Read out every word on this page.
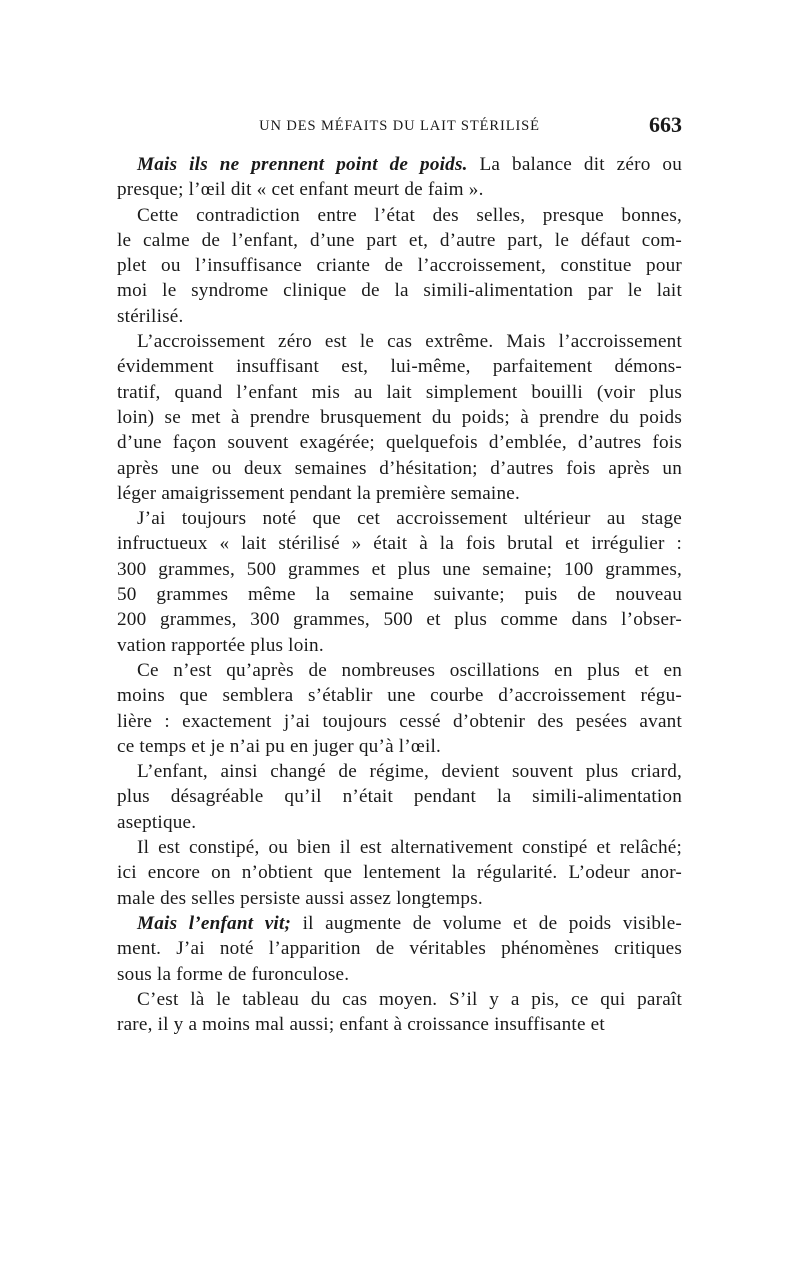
UN DES MÉFAITS DU LAIT STÉRILISÉ	663
Mais ils ne prennent point de poids. La balance dit zéro ou
presque; l’œil dit « cet enfant meurt de faim ».
Cette contradiction entre l’état des selles, presque bonnes,
le calme de l’enfant, d’une part et, d’autre part, le défaut com-
plet ou l’insuffisance criante de l’accroissement, constitue pour
moi le syndrome clinique de la simili-alimentation par le lait
stérilisé.
L’accroissement zéro est le cas extrême. Mais l’accroissement
évidemment insuffisant est, lui-même, parfaitement démons-
tratif, quand l’enfant mis au lait simplement bouilli (voir plus
loin) se met à prendre brusquement du poids; à prendre du poids
d’une façon souvent exagérée; quelquefois d’emblée, d’autres fois
après une ou deux semaines d’hésitation; d’autres fois après un
léger amaigrissement pendant la première semaine.
J’ai toujours noté que cet accroissement ultérieur au stage
infructueux « lait stérilisé » était à la fois brutal et irrégulier :
300 grammes, 500 grammes et plus une semaine; 100 grammes,
50 grammes même la semaine suivante; puis de nouveau
200 grammes, 300 grammes, 500 et plus comme dans l’obser-
vation rapportée plus loin.
Ce n’est qu’après de nombreuses oscillations en plus et en
moins que semblera s’établir une courbe d’accroissement régu-
lière : exactement j’ai toujours cessé d’obtenir des pesées avant
ce temps et je n’ai pu en juger qu’à l’œil.
L’enfant, ainsi changé de régime, devient souvent plus criard,
plus désagréable qu’il n’était pendant la simili-alimentation
aseptique.
Il est constipé, ou bien il est alternativement constipé et relâché;
ici encore on n’obtient que lentement la régularité. L’odeur anor-
male des selles persiste aussi assez longtemps.
Mais l’enfant vit; il augmente de volume et de poids visible-
ment. J’ai noté l’apparition de véritables phénomènes critiques
sous la forme de furonculose.
C’est là le tableau du cas moyen. S’il y a pis, ce qui paraît
rare, il y a moins mal aussi; enfant à croissance insuffisante et
